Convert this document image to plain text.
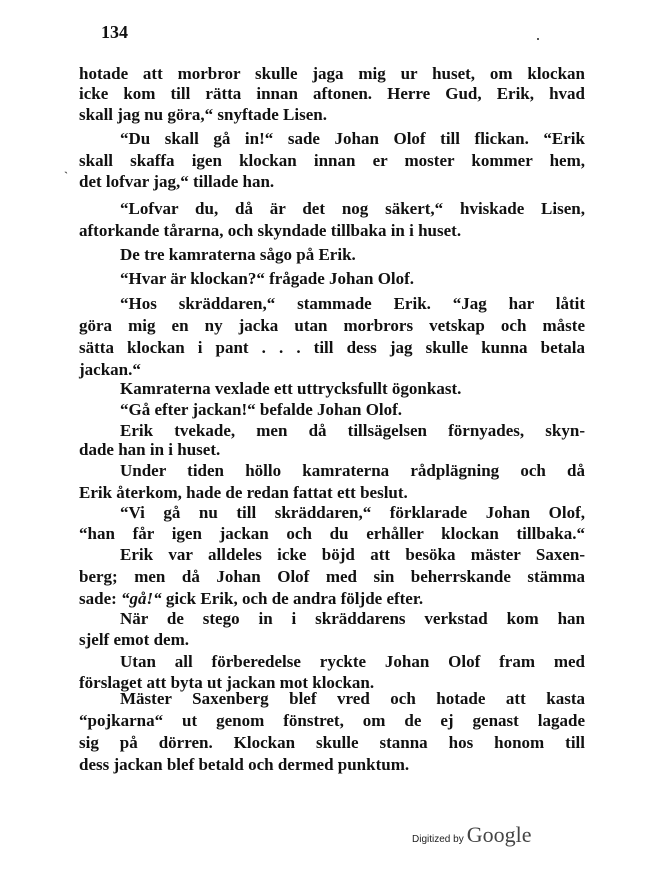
134
ˎ
hotade att morbror skulle jaga mig ur huset, om klockan
icke kom till rätta innan aftonen. Herre Gud, Erik, hvad
skall jag nu göra,“ snyftade Lisen.
“Du skall gå in!“ sade Johan Olof till flickan. “Erik
skall skaffa igen klockan innan er moster kommer hem,
det lofvar jag,“ tillade han.
“Lofvar du, då är det nog säkert,“ hviskade Lisen,
aftorkande tårarna, och skyndade tillbaka in i huset.
De tre kamraterna sågo på Erik.
“Hvar är klockan?“ frågade Johan Olof.
“Hos skräddaren,“ stammade Erik. “Jag har låtit
göra mig en ny jacka utan morbrors vetskap och måste
sätta klockan i pant . . . till dess jag skulle kunna betala
jackan.“
Kamraterna vexlade ett uttrycksfullt ögonkast.
“Gå efter jackan!“ befalde Johan Olof.
Erik tvekade, men då tillsägelsen förnyades, skyn-
dade han in i huset.
Under tiden höllo kamraterna rådplägning och då
Erik återkom, hade de redan fattat ett beslut.
“Vi gå nu till skräddaren,“ förklarade Johan Olof,
“han får igen jackan och du erhåller klockan tillbaka.“
Erik var alldeles icke böjd att besöka mäster Saxen-
berg; men då Johan Olof med sin beherrskande stämma
sade: “gå!“ gick Erik, och de andra följde efter.
När de stego in i skräddarens verkstad kom han
sjelf emot dem.
Utan all förberedelse ryckte Johan Olof fram med
förslaget att byta ut jackan mot klockan.
Mäster Saxenberg blef vred och hotade att kasta
“pojkarna“ ut genom fönstret, om de ej genast lagade
sig på dörren. Klockan skulle stanna hos honom till
dess jackan blef betald och dermed punktum.
Digitized by Google
